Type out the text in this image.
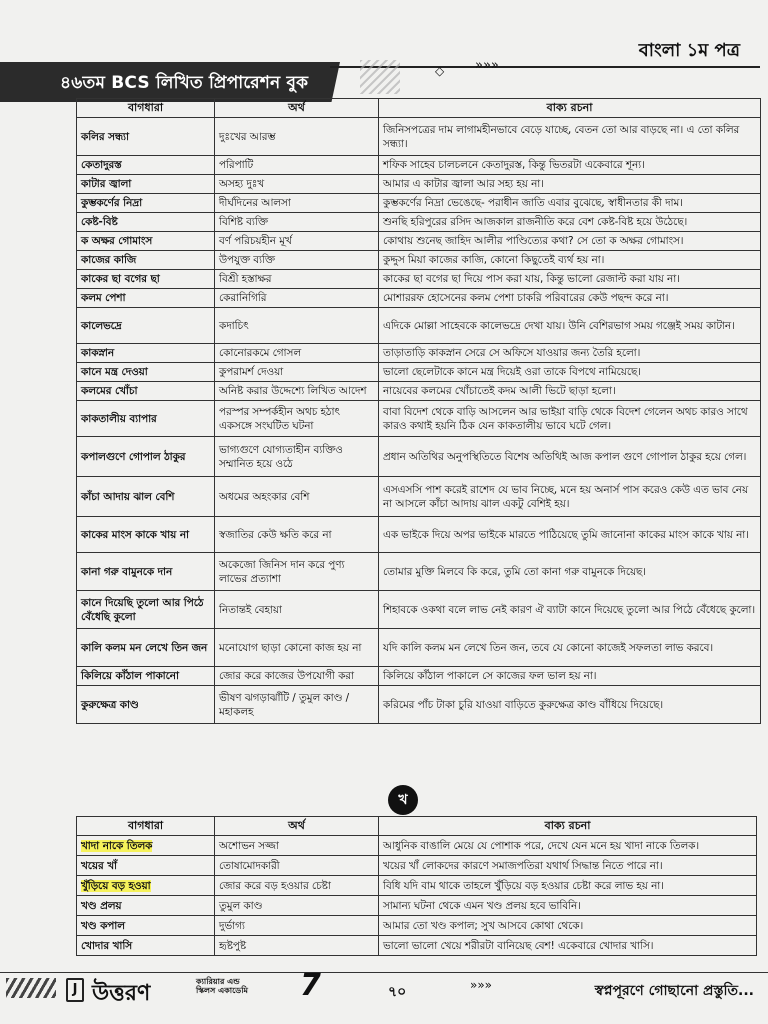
বাংলা ১ম পত্র
৪৬তম BCS লিখিত প্রিপারেশন বুক
◇ »»»
বাগধারা	অর্থ	বাক্য রচনা
কলির সন্ধ্যা	দুঃখের আরম্ভ	জিনিসপত্রের দাম লাগামহীনভাবে বেড়ে যাচ্ছে, বেতন তো আর বাড়ছে না। এ তো কলির সন্ধ্যা।
কেতাদুরস্ত	পরিপাটি	শফিক সাহেব চালচলনে কেতাদুরস্ত, কিন্তু ভিতরটা একেবারে শূন্য।
কাটার জ্বালা	অসহ্য দুঃখ	আমার এ কাটার জ্বালা আর সহ্য হয় না।
কুম্ভকর্ণের নিদ্রা	দীর্ঘদিনের আলসা	কুম্ভকর্ণের নিদ্রা ভেঙেছে- পরাধীন জাতি এবার বুঝেছে, স্বাধীনতার কী দাম।
কেষ্ট-বিষ্ট	বিশিষ্ট ব্যক্তি	শুনছি হরিপুরের রসিদ আজকাল রাজনীতি করে বেশ কেষ্ট-বিষ্ট হয়ে উঠেছে।
ক অক্ষর গোমাংস	বর্ণ পরিচয়হীন মূর্খ	কোথায় শুনেছ জাহিদ আলীর পাণ্ডিত্যের কথা? সে তো ক অক্ষর গোমাংস।
কাজের কাজি	উপযুক্ত ব্যক্তি	কুদ্দুস মিয়া কাজের কাজি, কোনো কিছুতেই ব্যর্থ হয় না।
কাকের ছা বগের ছা	বিশ্রী হস্তাক্ষর	কাকের ছা বগের ছা দিয়ে পাস করা যায়, কিন্তু ভালো রেজাল্ট করা যায় না।
কলম পেশা	কেরানিগিরি	মোশাররফ হোসেনের কলম পেশা চাকরি পরিবারের কেউ পছন্দ করে না।
কালেভদ্রে	কদাচিৎ	এদিকে মোল্লা সাহেবকে কালেভদ্রে দেখা যায়। উনি বেশিরভাগ সময় গঞ্জেই সময় কাটান।
কাকস্নান	কোনোরকমে গোসল	তাড়াতাড়ি কাকস্নান সেরে সে অফিসে যাওয়ার জন্য তৈরি হলো।
কানে মন্ত্র দেওয়া	কুপরামর্শ দেওয়া	ভালো ছেলেটাকে কানে মন্ত্র দিয়েই ওরা তাকে বিপথে নামিয়েছে।
কলমের খোঁচা	অনিষ্ট করার উদ্দেশ্যে লিখিত আদেশ	নায়েবের কলমের খোঁচাতেই কদম আলী ভিটে ছাড়া হলো।
কাকতালীয় ব্যাপার	পরস্পর সম্পর্কহীন অথচ হঠাৎ একসঙ্গে সংঘটিত ঘটনা	বাবা বিদেশ থেকে বাড়ি আসলেন আর ভাইয়া বাড়ি থেকে বিদেশ গেলেন অথচ কারও সাথে কারও কথাই হয়নি ঠিক যেন কাকতালীয় ভাবে ঘটে গেল।
কপালগুণে গোপাল ঠাকুর	ভাগ্যগুণে যোগ্যতাহীন ব্যক্তিও সম্মানিত হয়ে ওঠে	প্রধান অতিথির অনুপস্থিতিতে বিশেষ অতিথিই আজ কপাল গুণে গোপাল ঠাকুর হয়ে গেল।
কাঁচা আদায় ঝাল বেশি	অধমের অহংকার বেশি	এসএসসি পাশ করেই রাশেদ যে ভাব নিচ্ছে, মনে হয় অনার্স পাস করেও কেউ এত ভাব নেয় না আসলে কাঁচা আদায় ঝাল একটু বেশিই হয়।
কাকের মাংস কাকে খায় না	স্বজাতির কেউ ক্ষতি করে না	এক ভাইকে দিয়ে অপর ভাইকে মারতে পাঠিয়েছে তুমি জানোনা কাকের মাংস কাকে খায় না।
কানা গরু বামুনকে দান	অকেজো জিনিস দান করে পুণ্য লাভের প্রত্যাশা	তোমার মুক্তি মিলবে কি করে, তুমি তো কানা গরু বামুনকে দিয়েছ।
কানে দিয়েছি তুলো আর পিঠে বেঁধেছি কুলো	নিতান্তই বেহায়া	শিহাবকে ওকথা বলে লাভ নেই কারণ ঐ ব্যাটা কানে দিয়েছে তুলো আর পিঠে বেঁধেছে কুলো।
কালি কলম মন লেখে তিন জন	মনোযোগ ছাড়া কোনো কাজ হয় না	যদি কালি কলম মন লেখে তিন জন, তবে যে কোনো কাজেই সফলতা লাভ করবে।
কিলিয়ে কাঁঠাল পাকানো	জোর করে কাজের উপযোগী করা	কিলিয়ে কাঁঠাল পাকালে সে কাজের ফল ভাল হয় না।
কুরুক্ষেত্র কাণ্ড	ভীষণ ঝগড়াঝাঁটি / তুমুল কাণ্ড / মহাকলহ	করিমের পাঁচ টাকা চুরি যাওয়া বাড়িতে কুরুক্ষেত্র কাণ্ড বাঁধিয়ে দিয়েছে।
খ
বাগধারা	অর্থ	বাক্য রচনা
খাদা নাকে তিলক	অশোভন সজ্জা	আধুনিক বাঙালি মেয়ে যে পোশাক পরে, দেখে যেন মনে হয় খাদা নাকে তিলক।
খয়ের খাঁ	তোষামোদকারী	খয়ের খাঁ লোকদের কারণে সমাজপতিরা যথার্থ সিদ্ধান্ত নিতে পারে না।
খুঁড়িয়ে বড় হওয়া	জোর করে বড় হওয়ার চেষ্টা	বিধি যদি বাম থাকে তাহলে খুঁড়িয়ে বড় হওয়ার চেষ্টা করে লাভ হয় না।
খণ্ড প্রলয়	তুমুল কাণ্ড	সামান্য ঘটনা থেকে এমন খণ্ড প্রলয় হবে ভাবিনি।
খণ্ড কপাল	দুর্ভাগ্য	আমার তো খণ্ড কপাল; সুখ আসবে কোথা থেকে।
খোদার খাসি	হৃষ্টপুষ্ট	ভালো ভালো খেয়ে শরীরটা বানিয়েছ বেশ! একেবারে খোদার খাসি।
J উত্তরণ	ক্যারিয়ার এন্ড
স্কিলস একাডেমি 7	৭০	»»»	স্বপ্নপূরণে গোছানো প্রস্তুতি...
